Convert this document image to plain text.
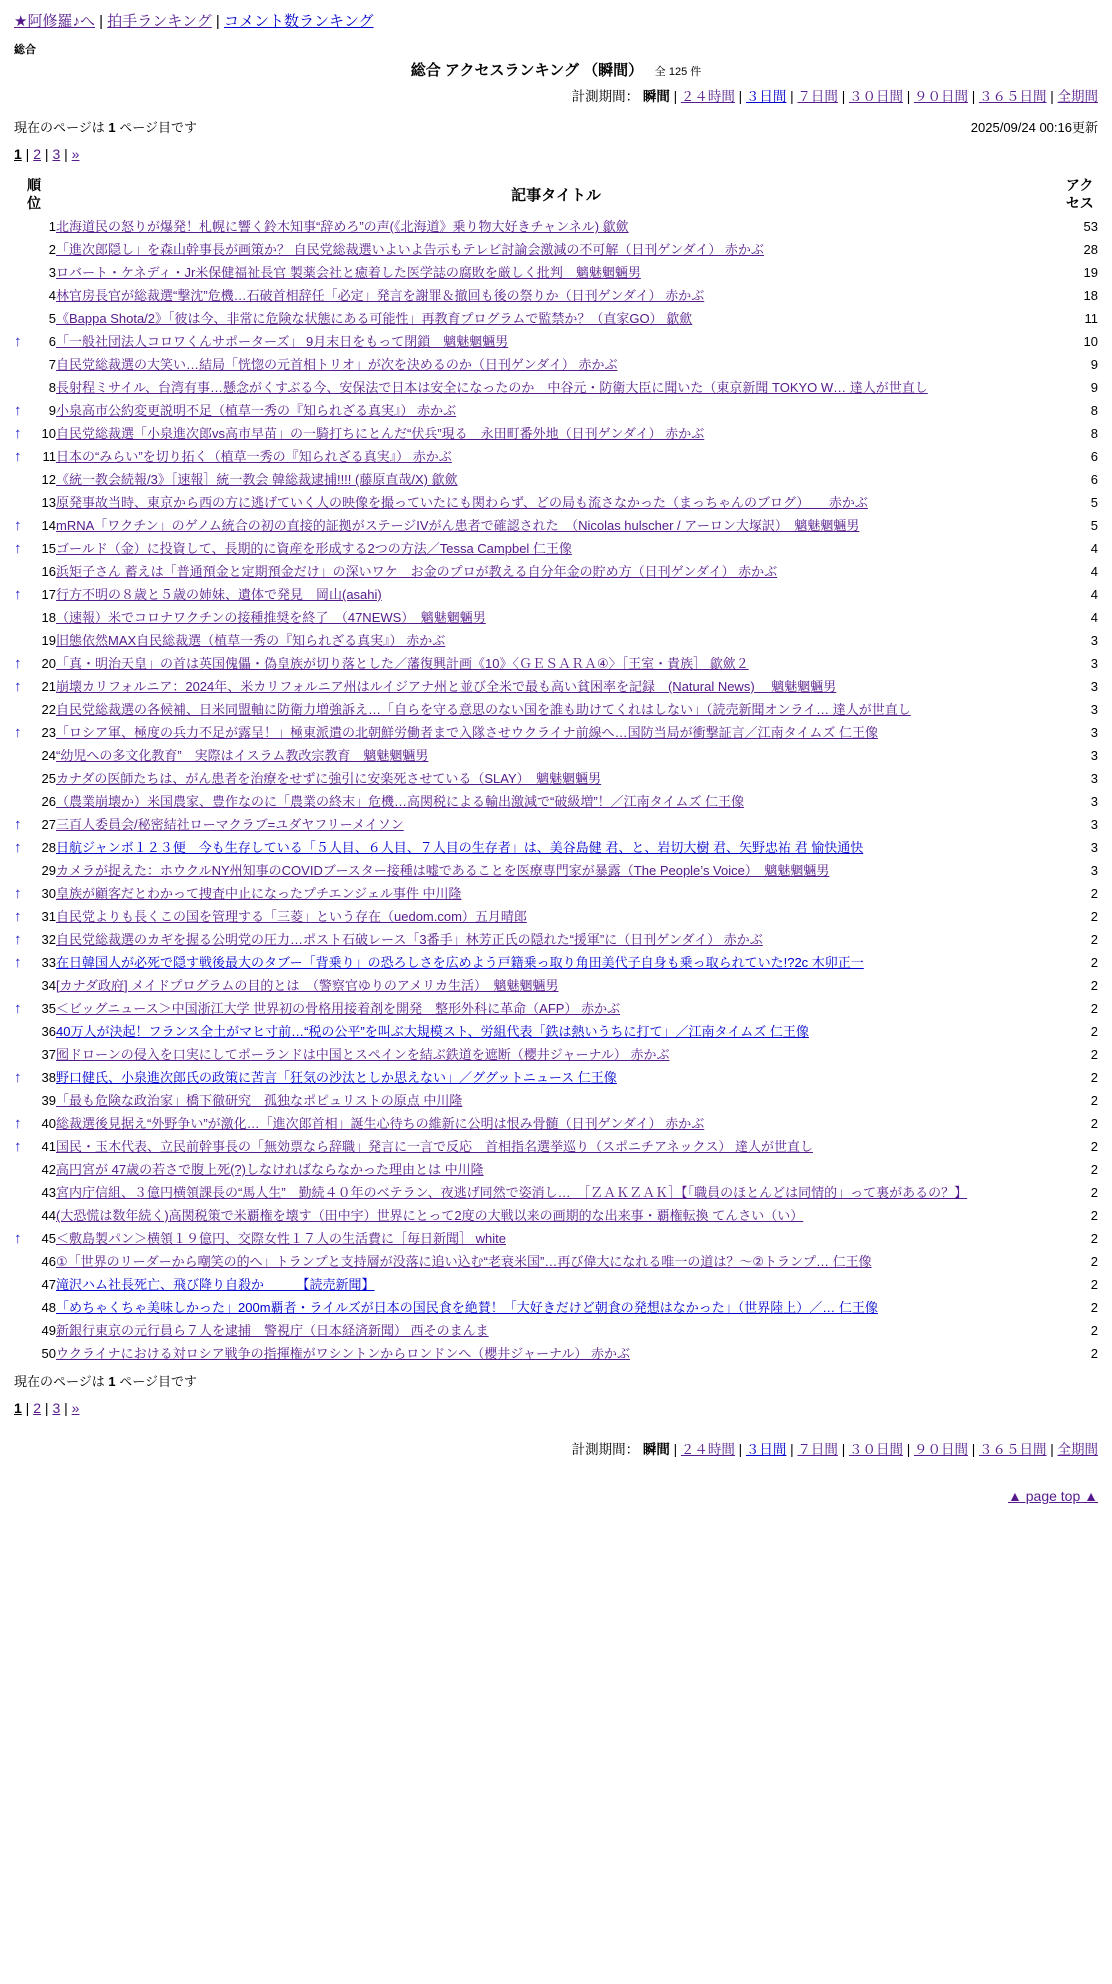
★阿修羅♪へ | 拍手ランキング | コメント数ランキング
総合
総合 アクセスランキング （瞬間） 全 125 件
計測期間： 瞬間 | ２４時間 | ３日間 | ７日間 | ３０日間 | ９０日間 | ３６５日間 | 全期間
現在のページは 1 ページ目です	2025/09/24 00:16更新
1 | 2 | 3 | »
順位		記事タイトル	アクセス
	1	北海道民の怒りが爆発！札幌に響く鈴木知事“辞めろ”の声(《北海道》乗り物大好きチャンネル) 歙歛	53
	2	「進次郎隠し」を森山幹事長が画策か？ 自民党総裁選いよいよ告示もテレビ討論会激減の不可解（日刊ゲンダイ） 赤かぶ	28
	3	ロバート・ケネディ・Jr米保健福祉長官 製薬会社と癒着した医学誌の腐敗を厳しく批判　魑魅魍魎男	19
	4	林官房長官が総裁選“撃沈”危機…石破首相辞任「必定」発言を謝罪＆撤回も後の祭りか（日刊ゲンダイ） 赤かぶ	18
	5	《Bappa Shota/2》「彼は今、非常に危険な状態にある可能性」再教育プログラムで監禁か？（直家GO） 歙歛	11
↑	6	「一般社団法人コロワくんサポーターズ」 9月末日をもって閉鎖　魑魅魍魎男	10
	7	自民党総裁選の大笑い…結局「恍惚の元首相トリオ」が次を決めるのか（日刊ゲンダイ） 赤かぶ	9
	8	長射程ミサイル、台湾有事…懸念がくすぶる今、安保法で日本は安全になったのか　中谷元・防衛大臣に聞いた（東京新聞 TOKYO W… 達人が世直し	9
↑	9	小泉高市公約変更説明不足（植草一秀の『知られざる真実』） 赤かぶ	8
↑	10	自民党総裁選「小泉進次郎vs高市早苗」の一騎打ちにとんだ“伏兵”現る　永田町番外地（日刊ゲンダイ） 赤かぶ	8
↑	11	日本の“みらい”を切り拓く（植草一秀の『知られざる真実』） 赤かぶ	6
	12	《統一教会続報/3》［速報］統一教会 韓総裁逮捕!!!! (藤原直哉/X) 歙歛	6
	13	原発事故当時、東京から西の方に逃げていく人の映像を撮っていたにも関わらず、どの局も流さなかった（まっちゃんのブログ）　　赤かぶ	5
↑	14	mRNA「ワクチン」のゲノム統合の初の直接的証拠がステージIVがん患者で確認された　（Nicolas hulscher / アーロン大塚訳）　魑魅魍魎男	5
↑	15	ゴールド（金）に投資して、長期的に資産を形成する2つの方法／Tessa Campbel 仁王像	4
	16	浜矩子さん 蓄えは「普通預金と定期預金だけ」の深いワケ　お金のプロが教える自分年金の貯め方（日刊ゲンダイ） 赤かぶ	4
↑	17	行方不明の８歳と５歳の姉妹、遺体で発見　岡山(asahi)	4
	18	（速報）米でコロナワクチンの接種推奨を終了　（47NEWS）　魑魅魍魎男	4
	19	旧態依然MAX自民総裁選（植草一秀の『知られざる真実』） 赤かぶ	3
↑	20	「真・明治天皇」の首は英国傀儡・偽皇族が切り落とした／藩復興計画《10》〈ＧＥＳＡＲＡ④〉［王室・貴族］ 歙歛２	3
↑	21	崩壊カリフォルニア：2024年、米カリフォルニア州はルイジアナ州と並び全米で最も高い貧困率を記録　(Natural News)　 魑魅魍魎男	3
	22	自民党総裁選の各候補、日米同盟軸に防衛力増強訴え…「自らを守る意思のない国を誰も助けてくれはしない」（読売新聞オンライ… 達人が世直し	3
↑	23	「ロシア軍、極度の兵力不足が露呈！」極東派遣の北朝鮮労働者まで入隊させウクライナ前線へ…国防当局が衝撃証言／江南タイムズ 仁王像	3
	24	“幼児への多文化教育”　実際はイスラム教改宗教育　魑魅魍魎男	3
	25	カナダの医師たちは、がん患者を治療をせずに強引に安楽死させている（SLAY）　魑魅魍魎男	3
	26	（農業崩壊か）米国農家、豊作なのに「農業の終末」危機…高関税による輸出激減で“破級増”！／江南タイムズ 仁王像	3
↑	27	三百人委員会/秘密結社ローマクラブ=ユダヤフリーメイソン	3
↑	28	日航ジャンボ１２３便　今も生存している「５人目、６人目、７人目の生存者」は、美谷島健 君、と、岩切大樹 君、矢野忠祐 君 愉快通快	3
	29	カメラが捉えた：ホウクルNY州知事のCOVIDブースター接種は嘘であることを医療専門家が暴露（The People’s Voice）　魑魅魍魎男	3
↑	30	皇族が顧客だとわかって捜査中止になったプチエンジェル事件 中川隆	2
↑	31	自民党よりも長くこの国を管理する「三菱」という存在（uedom.com）五月晴郎	2
↑	32	自民党総裁選のカギを握る公明党の圧力…ポスト石破レース「3番手」林芳正氏の隠れた“援軍”に（日刊ゲンダイ） 赤かぶ	2
↑	33	在日韓国人が必死で隠す戦後最大のタブー「背乗り」の恐ろしさを広めよう戸籍乗っ取り角田美代子自身も乗っ取られていた!?2c 木卯正一	2
	34	[カナダ政府] メイドプログラムの目的とは　（警察官ゆりのアメリカ生活）　魑魅魍魎男	2
↑	35	＜ビッグニュース＞中国浙江大学 世界初の骨格用接着剤を開発　整形外科に革命（AFP） 赤かぶ	2
	36	40万人が決起！フランス全土がマヒ寸前…“税の公平”を叫ぶ大規模スト、労組代表「鉄は熱いうちに打て」／江南タイムズ 仁王像	2
	37	囮ドローンの侵入を口実にしてポーランドは中国とスペインを結ぶ鉄道を遮断（櫻井ジャーナル） 赤かぶ	2
↑	38	野口健氏、小泉進次郎氏の政策に苦言「狂気の沙汰としか思えない」／ググットニュース 仁王像	2
	39	「最も危険な政治家」橋下徹研究　孤独なポピュリストの原点 中川隆	2
↑	40	総裁選後見据え“外野争い”が激化…「進次郎首相」誕生心待ちの維新に公明は恨み骨髄（日刊ゲンダイ） 赤かぶ	2
↑	41	国民・玉木代表、立民前幹事長の「無効票なら辞職」発言に一言で反応　首相指名選挙巡り（スポニチアネックス） 達人が世直し	2
	42	高円宮が 47歳の若さで腹上死(?)しなければならなかった理由とは 中川隆	2
	43	宮内庁信組、３億円横領課長の“馬人生”　勤続４０年のベテラン、夜逃げ同然で姿消し…　［ＺＡＫＺＡＫ］【「職員のほとんどは同情的」って裏があるの？】	2
	44	(大恐慌は数年続く)高関税策で米覇権を壊す（田中宇）世界にとって2度の大戦以来の画期的な出来事・覇権転換 てんさい（い）	2
↑	45	＜敷島製パン＞横領１９億円、交際女性１７人の生活費に［毎日新聞］ white	2
	46	①「世界のリーダーから嘲笑の的へ」トランプと支持層が没落に追い込む“老衰米国”…再び偉大になれる唯一の道は？～②トランプ… 仁王像	2
	47	滝沢ハム社長死亡、飛び降り自殺か　　　【読売新聞】	2
	48	「めちゃくちゃ美味しかった」200m覇者・ライルズが日本の国民食を絶賛！「大好きだけど朝食の発想はなかった」（世界陸上）／… 仁王像	2
	49	新銀行東京の元行員ら７人を逮捕　警視庁（日本経済新聞） 西そのまんま	2
	50	ウクライナにおける対ロシア戦争の指揮権がワシントンからロンドンへ（櫻井ジャーナル） 赤かぶ	2
現在のページは 1 ページ目です
1 | 2 | 3 | »
計測期間： 瞬間 | ２４時間 | ３日間 | ７日間 | ３０日間 | ９０日間 | ３６５日間 | 全期間
▲ page top ▲
